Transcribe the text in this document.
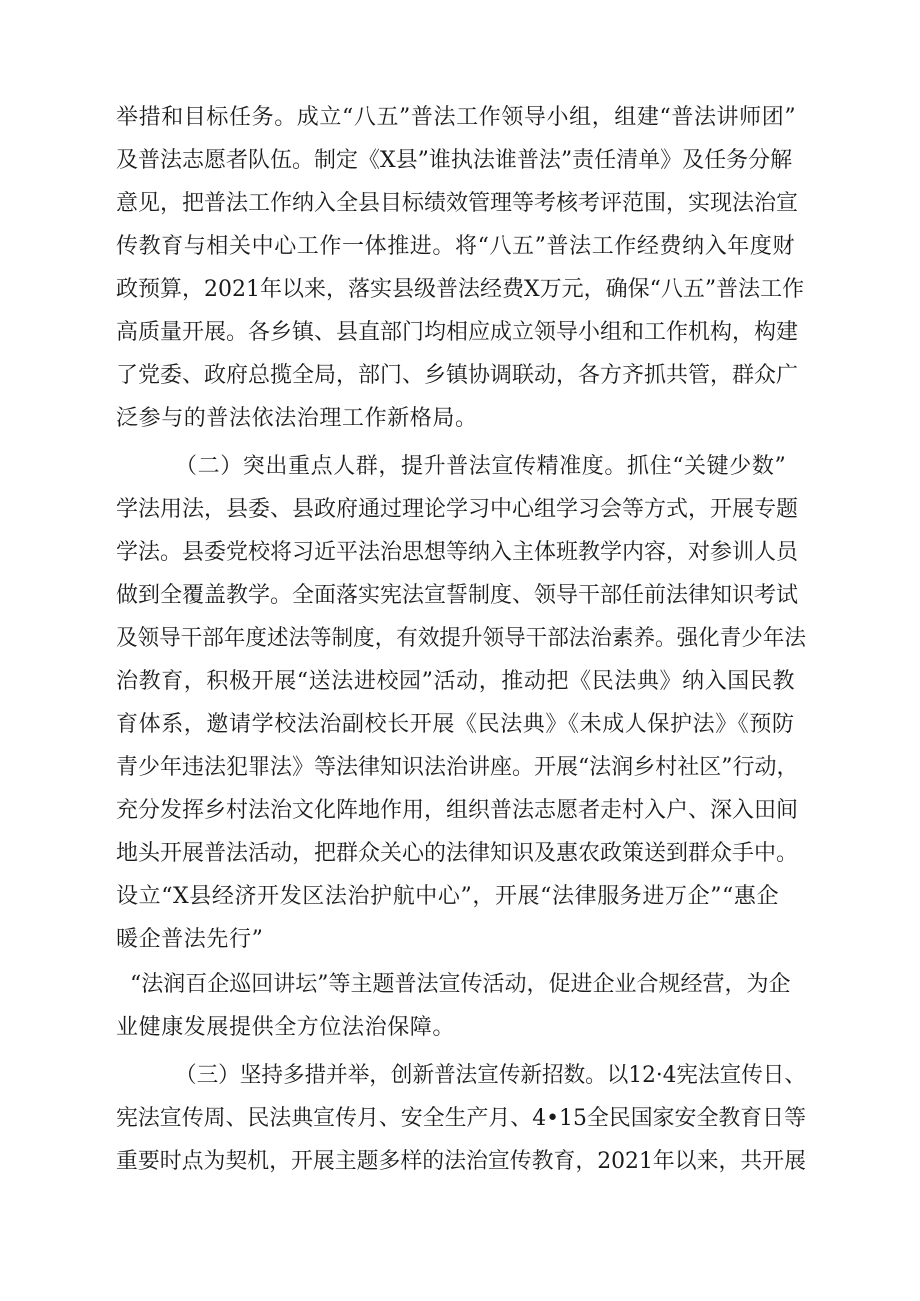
举措和目标任务。成立“八五”普法工作领导小组，组建“普法讲师团”
及普法志愿者队伍。制定《X县”谁执法谁普法”责任清单》及任务分解
意见，把普法工作纳入全县目标绩效管理等考核考评范围，实现法治宣
传教育与相关中心工作一体推进。将“八五”普法工作经费纳入年度财
政预算，2021年以来，落实县级普法经费X万元，确保“八五”普法工作
高质量开展。各乡镇、县直部门均相应成立领导小组和工作机构，构建
了党委、政府总揽全局，部门、乡镇协调联动，各方齐抓共管，群众广
泛参与的普法依法治理工作新格局。
（二）突出重点人群，提升普法宣传精准度。抓住“关键少数”
学法用法，县委、县政府通过理论学习中心组学习会等方式，开展专题
学法。县委党校将习近平法治思想等纳入主体班教学内容，对参训人员
做到全覆盖教学。全面落实宪法宣誓制度、领导干部任前法律知识考试
及领导干部年度述法等制度，有效提升领导干部法治素养。强化青少年法
治教育，积极开展“送法进校园”活动，推动把《民法典》纳入国民教
育体系，邀请学校法治副校长开展《民法典》《未成人保护法》《预防
青少年违法犯罪法》等法律知识法治讲座。开展“法润乡村社区”行动，
充分发挥乡村法治文化阵地作用，组织普法志愿者走村入户、深入田间
地头开展普法活动，把群众关心的法律知识及惠农政策送到群众手中。
设立“X县经济开发区法治护航中心”，开展“法律服务进万企”“惠企
暖企普法先行”
“法润百企巡回讲坛”等主题普法宣传活动，促进企业合规经营，为企
业健康发展提供全方位法治保障。
（三）坚持多措并举，创新普法宣传新招数。以12·4宪法宣传日、
宪法宣传周、民法典宣传月、安全生产月、4•15全民国家安全教育日等
重要时点为契机，开展主题多样的法治宣传教育，2021年以来，共开展
